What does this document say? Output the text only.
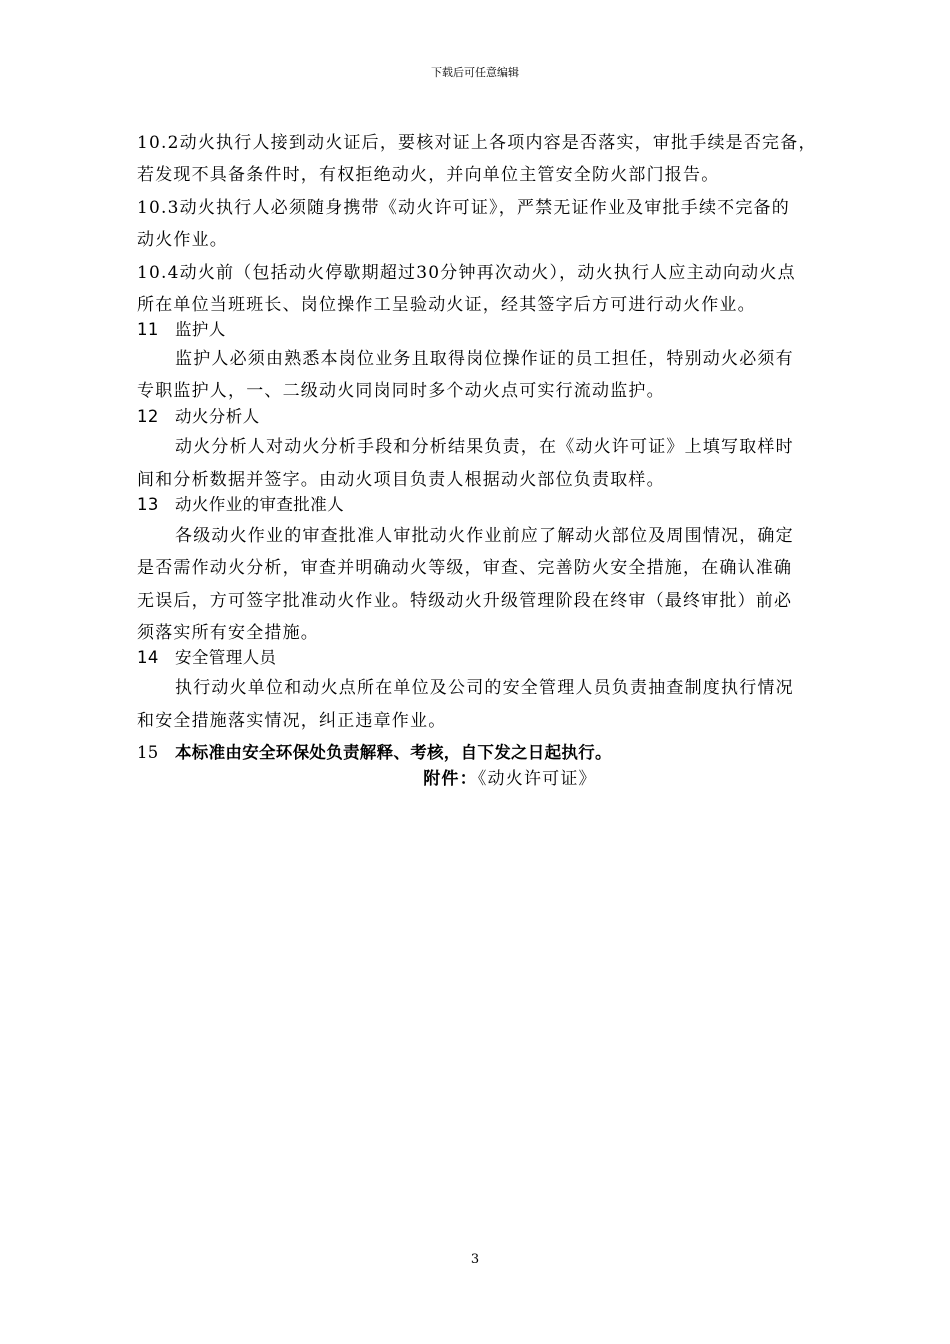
下载后可任意编辑
10.2动火执行人接到动火证后，要核对证上各项内容是否落实，审批手续是否完备，
若发现不具备条件时，有权拒绝动火，并向单位主管安全防火部门报告。
10.3动火执行人必须随身携带《动火许可证》，严禁无证作业及审批手续不完备的
动火作业。
10.4动火前（包括动火停歇期超过30分钟再次动火），动火执行人应主动向动火点
所在单位当班班长、岗位操作工呈验动火证，经其签字后方可进行动火作业。
11 监护人
监护人必须由熟悉本岗位业务且取得岗位操作证的员工担任，特别动火必须有
专职监护人，一、二级动火同岗同时多个动火点可实行流动监护。
12 动火分析人
动火分析人对动火分析手段和分析结果负责，在《动火许可证》上填写取样时
间和分析数据并签字。由动火项目负责人根据动火部位负责取样。
13 动火作业的审查批准人
各级动火作业的审查批准人审批动火作业前应了解动火部位及周围情况，确定
是否需作动火分析，审查并明确动火等级，审查、完善防火安全措施，在确认准确
无误后，方可签字批准动火作业。特级动火升级管理阶段在终审（最终审批）前必
须落实所有安全措施。
14 安全管理人员
执行动火单位和动火点所在单位及公司的安全管理人员负责抽查制度执行情况
和安全措施落实情况，纠正违章作业。
15 本标准由安全环保处负责解释、考核，自下发之日起执行。
附件：《动火许可证》
3
